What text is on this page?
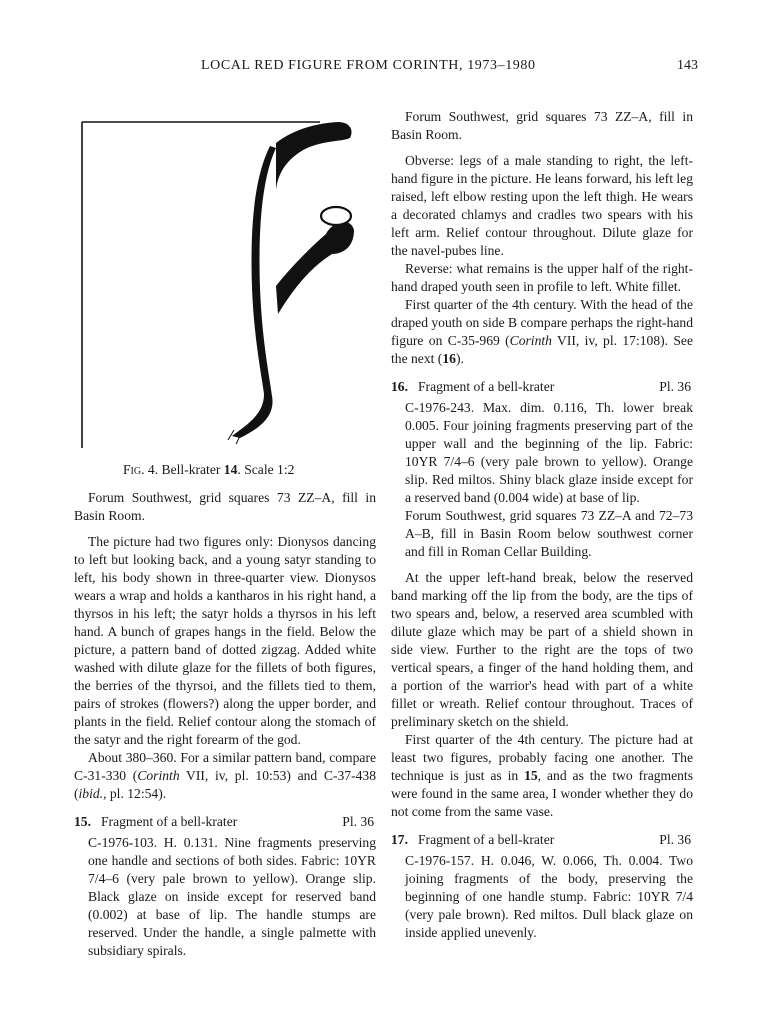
LOCAL RED FIGURE FROM CORINTH, 1973–1980	143
Fig. 4. Bell-krater 14. Scale 1:2

Forum Southwest, grid squares 73 ZZ–A, fill in Basin Room.

The picture had two figures only: Dionysos dancing to left but looking back, and a young satyr standing to left, his body shown in three-quarter view. Dionysos wears a wrap and holds a kantharos in his right hand, a thyrsos in his left; the satyr holds a thyrsos in his left hand. A bunch of grapes hangs in the field. Below the picture, a pattern band of dotted zigzag. Added white washed with dilute glaze for the fillets of both figures, the berries of the thyrsoi, and the fillets tied to them, pairs of strokes (flowers?) along the upper border, and plants in the field. Relief contour along the stomach of the satyr and the right forearm of the god.

About 380–360. For a similar pattern band, compare C-31-330 (Corinth VII, iv, pl. 10:53) and C-37-438 (ibid., pl. 12:54).

15. Fragment of a bell-krater	Pl. 36

C-1976-103. H. 0.131. Nine fragments preserving one handle and sections of both sides. Fabric: 10YR 7/4–6 (very pale brown to yellow). Orange slip. Black glaze on inside except for reserved band (0.002) at base of lip. The handle stumps are reserved. Under the handle, a single palmette with subsidiary spirals.

Forum Southwest, grid squares 73 ZZ–A, fill in Basin Room.

Obverse: legs of a male standing to right, the left-hand figure in the picture. He leans forward, his left leg raised, left elbow resting upon the left thigh. He wears a decorated chlamys and cradles two spears with his left arm. Relief contour throughout. Dilute glaze for the navel-pubes line.

Reverse: what remains is the upper half of the right-hand draped youth seen in profile to left. White fillet.

First quarter of the 4th century. With the head of the draped youth on side B compare perhaps the right-hand figure on C-35-969 (Corinth VII, iv, pl. 17:108). See the next (16).

16. Fragment of a bell-krater	Pl. 36

C-1976-243. Max. dim. 0.116, Th. lower break 0.005. Four joining fragments preserving part of the upper wall and the beginning of the lip. Fabric: 10YR 7/4–6 (very pale brown to yellow). Orange slip. Red miltos. Shiny black glaze inside except for a reserved band (0.004 wide) at base of lip.

Forum Southwest, grid squares 73 ZZ–A and 72–73 A–B, fill in Basin Room below southwest corner and fill in Roman Cellar Building.

At the upper left-hand break, below the reserved band marking off the lip from the body, are the tips of two spears and, below, a reserved area scumbled with dilute glaze which may be part of a shield shown in side view. Further to the right are the tops of two vertical spears, a finger of the hand holding them, and a portion of the warrior's head with part of a white fillet or wreath. Relief contour throughout. Traces of preliminary sketch on the shield.

First quarter of the 4th century. The picture had at least two figures, probably facing one another. The technique is just as in 15, and as the two fragments were found in the same area, I wonder whether they do not come from the same vase.

17. Fragment of a bell-krater	Pl. 36

C-1976-157. H. 0.046, W. 0.066, Th. 0.004. Two joining fragments of the body, preserving the beginning of one handle stump. Fabric: 10YR 7/4 (very pale brown). Red miltos. Dull black glaze on inside applied unevenly.
